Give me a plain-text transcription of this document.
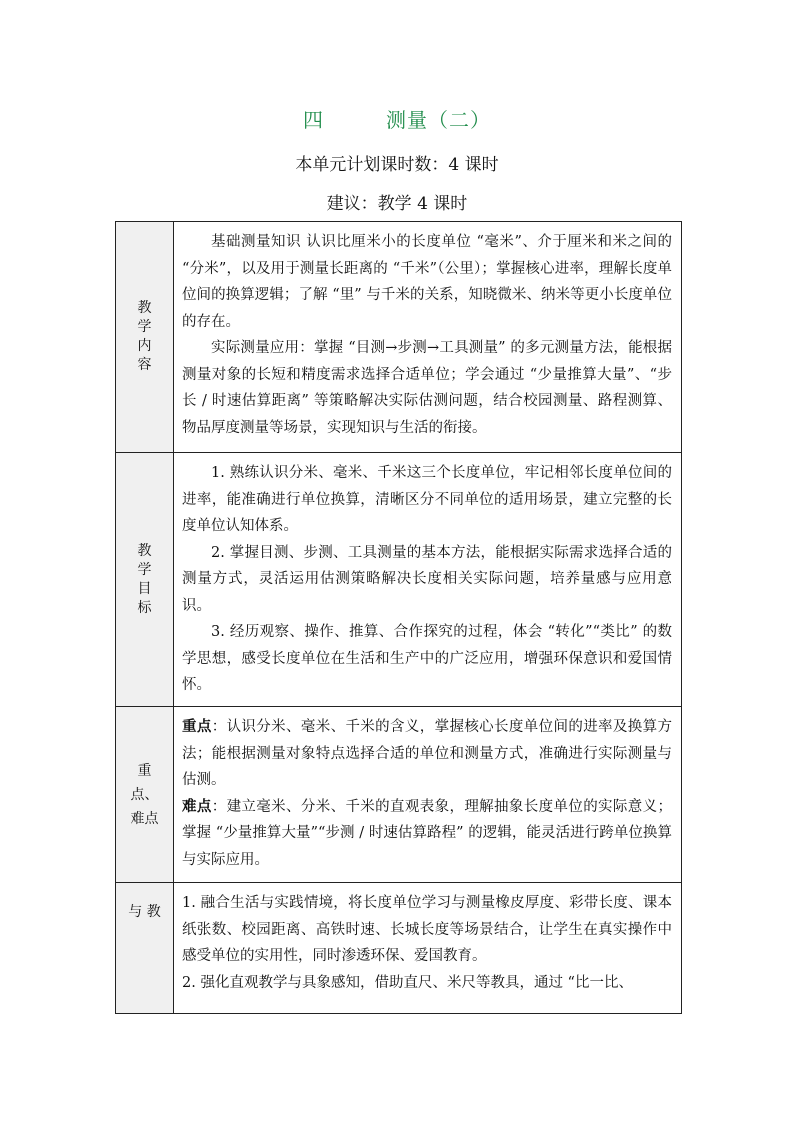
四	测量（二）
本单元计划课时数：4 课时
建议：教学 4 课时
教学内容	基础测量知识 认识比厘米小的长度单位 “毫米”、介于厘米和米之间的 “分米”，以及用于测量长距离的 “千米”（公里）；掌握核心进率，理解长度单位间的换算逻辑；了解 “里” 与千米的关系，知晓微米、纳米等更小长度单位的存在。

实际测量应用：掌握 “目测→步测→工具测量” 的多元测量方法，能根据测量对象的长短和精度需求选择合适单位；学会通过 “少量推算大量”、“步长 / 时速估算距离” 等策略解决实际估测问题，结合校园测量、路程测算、物品厚度测量等场景，实现知识与生活的衔接。

教学目标	1. 熟练认识分米、毫米、千米这三个长度单位，牢记相邻长度单位间的进率，能准确进行单位换算，清晰区分不同单位的适用场景，建立完整的长度单位认知体系。

2. 掌握目测、步测、工具测量的基本方法，能根据实际需求选择合适的测量方式，灵活运用估测策略解决长度相关实际问题，培养量感与应用意识。

3. 经历观察、操作、推算、合作探究的过程，体会 “转化”“类比” 的数学思想，感受长度单位在生活和生产中的广泛应用，增强环保意识和爱国情怀。

重点、难点	重点：认识分米、毫米、千米的含义，掌握核心长度单位间的进率及换算方法；能根据测量对象特点选择合适的单位和测量方式，准确进行实际测量与估测。

难点：建立毫米、分米、千米的直观表象，理解抽象长度单位的实际意义；掌握 “少量推算大量”“步测 / 时速估算路程” 的逻辑，能灵活进行跨单位换算与实际应用。

与 教	1. 融合生活与实践情境，将长度单位学习与测量橡皮厚度、彩带长度、课本纸张数、校园距离、高铁时速、长城长度等场景结合，让学生在真实操作中感受单位的实用性，同时渗透环保、爱国教育。

2. 强化直观教学与具象感知，借助直尺、米尺等教具，通过 “比一比、
